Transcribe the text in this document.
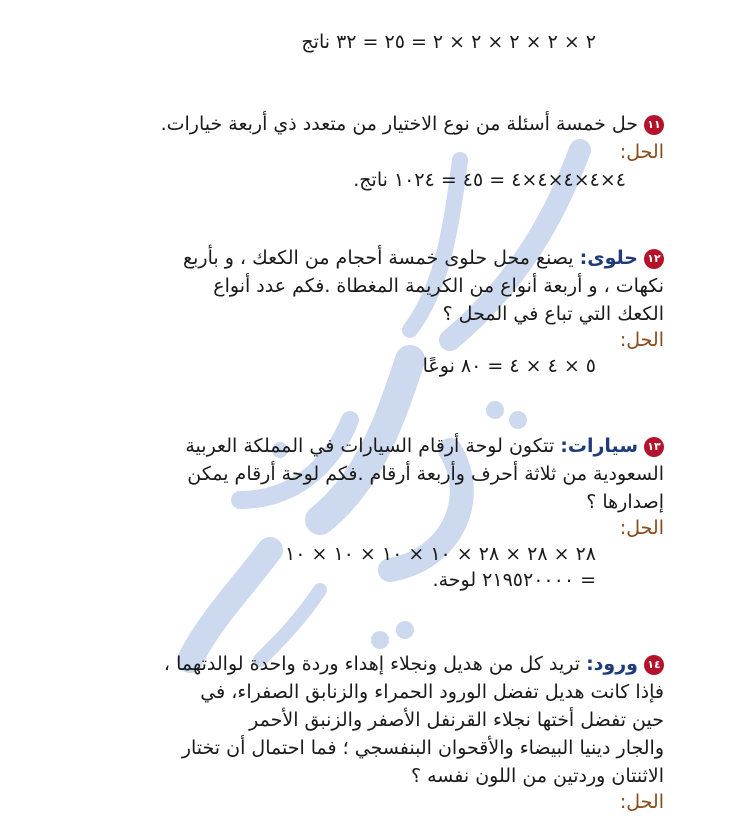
٢ × ٢ × ٢ × ٢ × ٢ = ٢٥ = ٣٢ ناتج
١١حل خمسة أسئلة من نوع الاختيار من متعدد ذي أربعة خيارات.
الحل:
٤×٤×٤×٤×٤ = ٤٥ = ١٠٢٤ ناتج.
١٢حلوى: يصنع محل حلوى خمسة أحجام من الكعك ، و بأربع
نكهات ، و أربعة أنواع من الكريمة المغطاة .فكم عدد أنواع
الكعك التي تباع في المحل ؟
الحل:
٥ × ٤ × ٤ = ٨٠ نوعًا
١٣سيارات: تتكون لوحة أرقام السيارات في المملكة العربية
السعودية من ثلاثة أحرف وأربعة أرقام .فكم لوحة أرقام يمكن
إصدارها ؟
الحل:
٢٨ × ٢٨ × ٢٨ × ١٠ × ١٠ × ١٠ × ١٠
= ٢١٩٥٢٠٠٠٠ لوحة.
١٤ورود: تريد كل من هديل ونجلاء إهداء وردة واحدة لوالدتهما ،
فإذا كانت هديل تفضل الورود الحمراء والزنابق الصفراء، في
حين تفضل أختها نجلاء القرنفل الأصفر والزنبق الأحمر
والجار دينيا البيضاء والأقحوان البنفسجي ؛ فما احتمال أن تختار
الاثنتان وردتين من اللون نفسه ؟
الحل:
